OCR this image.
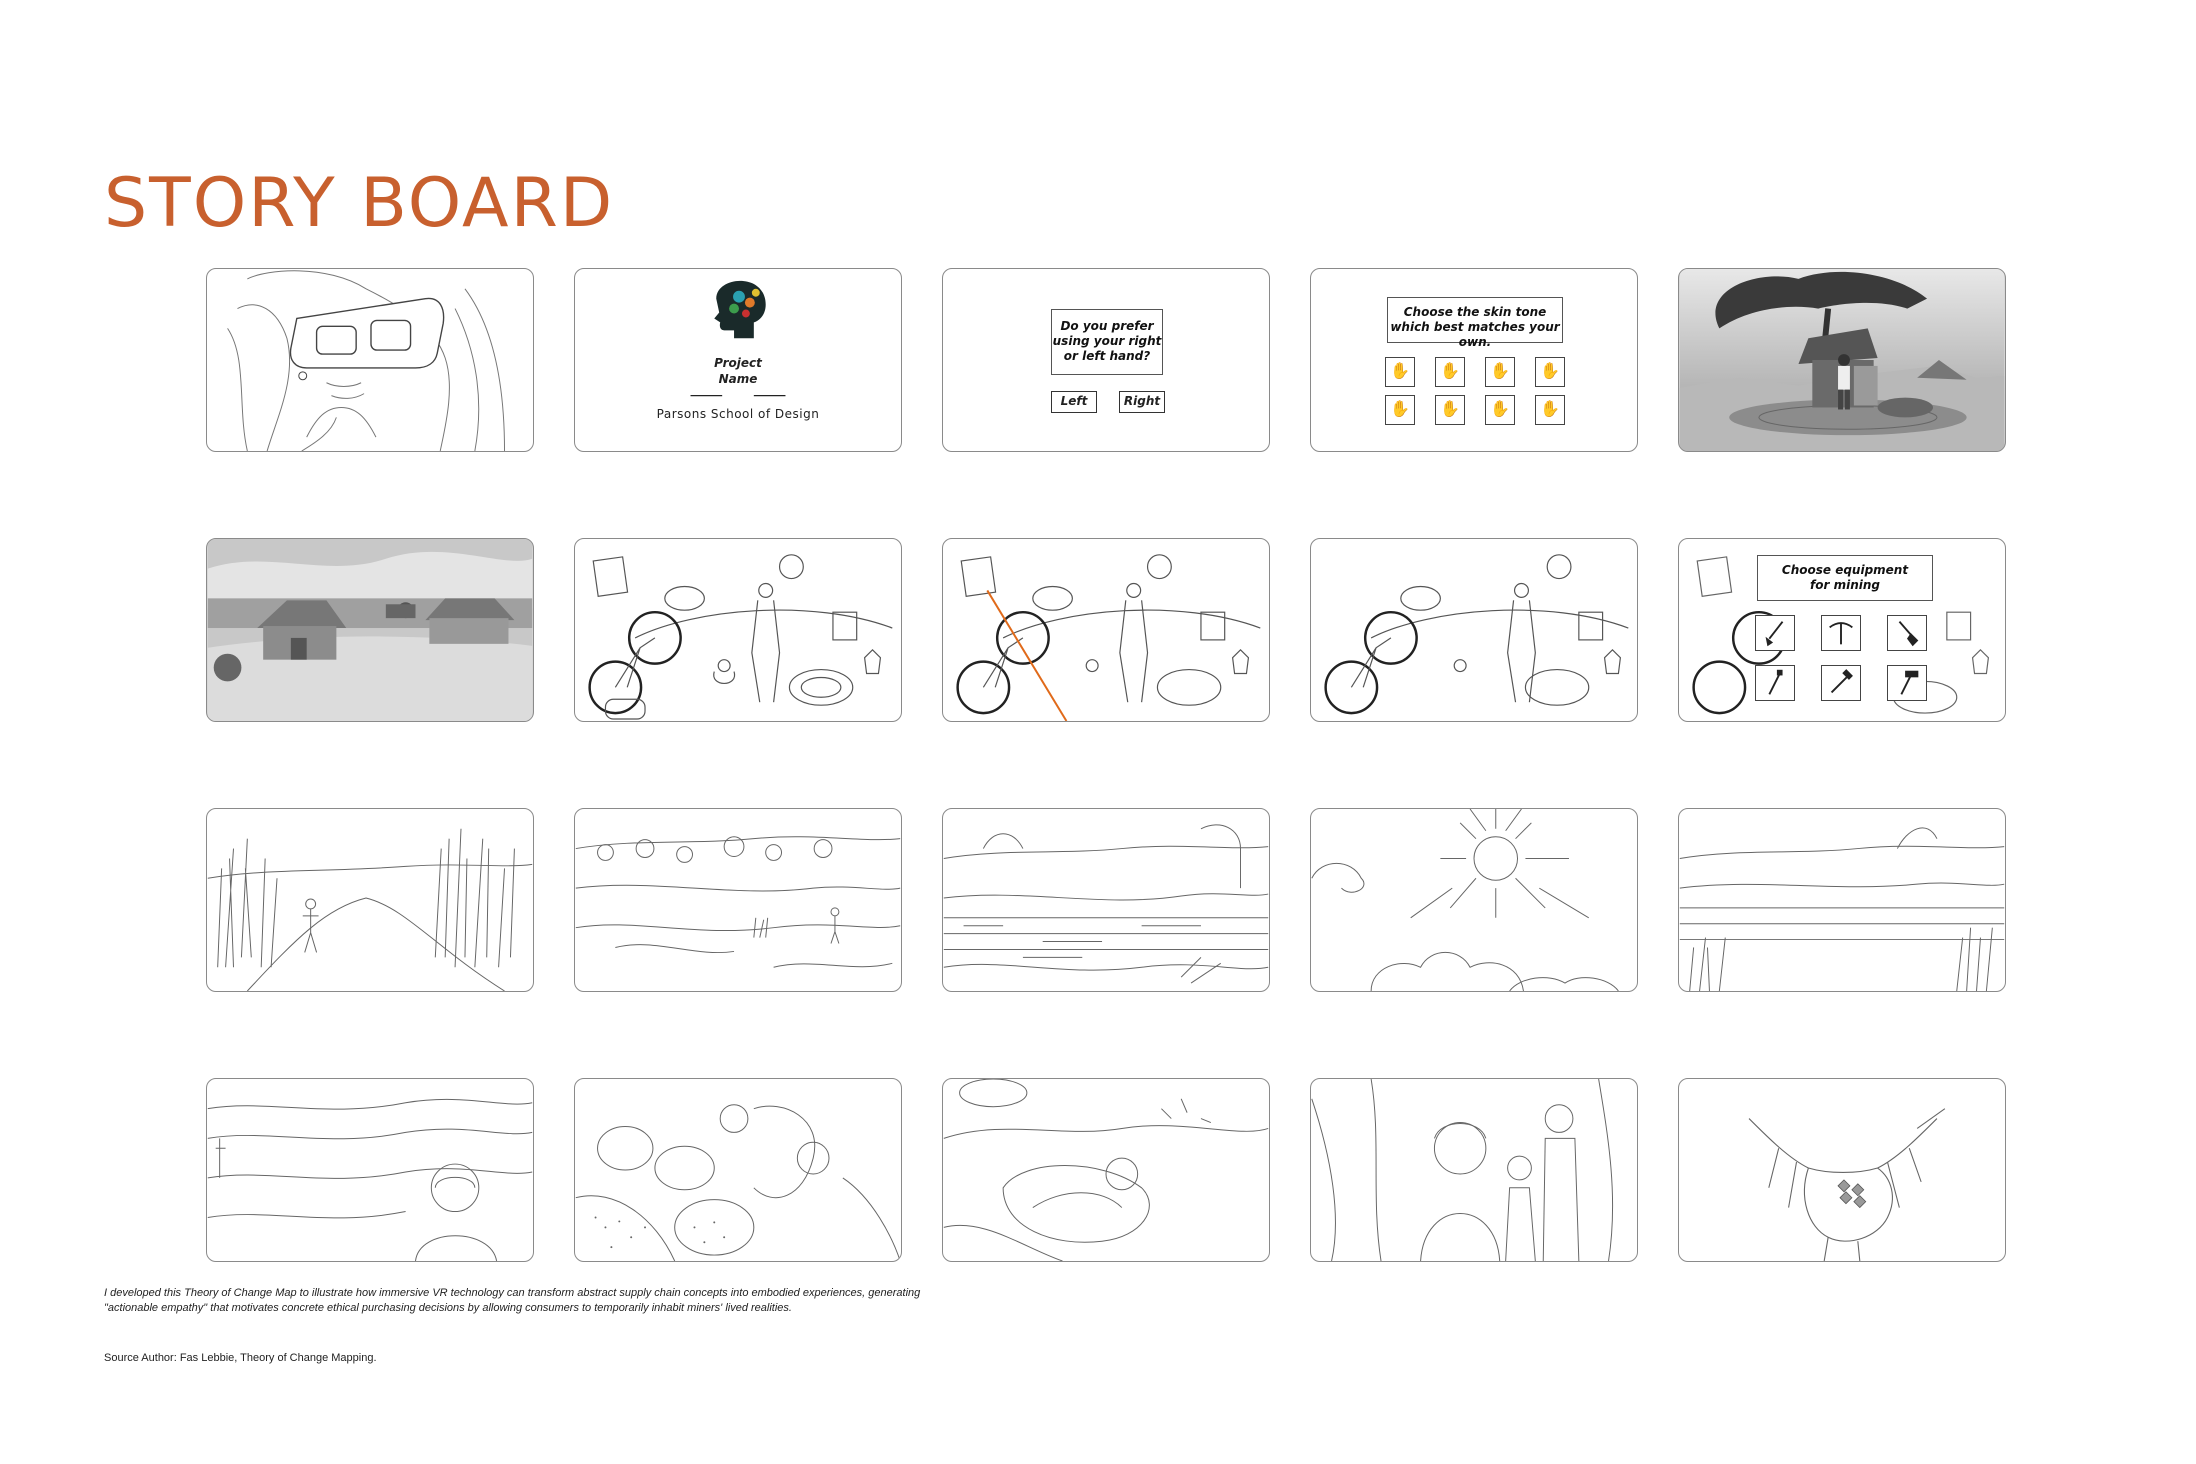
STORY BOARD
Project
Name
Parsons School of Design
Do you prefer using your right or left hand?
Left	Right
Choose the skin tone which best matches your own.
✋	✋	✋	✋
✋	✋	✋	✋
Choose equipment
for mining

I developed this Theory of Change Map to illustrate how immersive VR technology can transform abstract supply chain concepts into embodied experiences, generating "actionable empathy" that motivates concrete ethical purchasing decisions by allowing consumers to temporarily inhabit miners' lived realities.

Source Author: Fas Lebbie, Theory of Change Mapping.
